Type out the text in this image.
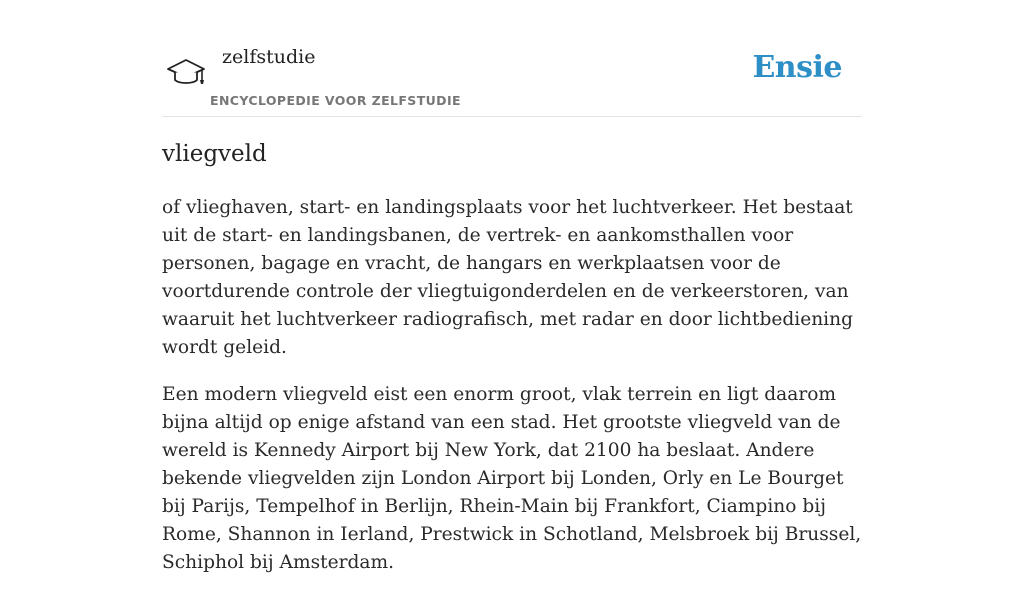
zelfstudie
ENCYCLOPEDIE VOOR ZELFSTUDIE
Ensie
vliegveld

of vlieghaven, start- en landingsplaats voor het luchtverkeer. Het bestaat uit de start- en landingsbanen, de vertrek- en aankomsthallen voor personen, bagage en vracht, de hangars en werkplaatsen voor de voortdurende controle der vliegtuigonderdelen en de verkeerstoren, van waaruit het luchtverkeer radiografisch, met radar en door lichtbediening wordt geleid.

Een modern vliegveld eist een enorm groot, vlak terrein en ligt daarom bijna altijd op enige afstand van een stad. Het grootste vliegveld van de wereld is Kennedy Airport bij New York, dat 2100 ha beslaat. Andere bekende vliegvelden zijn London Airport bij Londen, Orly en Le Bourget bij Parijs, Tempelhof in Berlijn, Rhein-Main bij Frankfort, Ciampino bij Rome, Shannon in Ierland, Prestwick in Schotland, Melsbroek bij Brussel, Schiphol bij Amsterdam.
